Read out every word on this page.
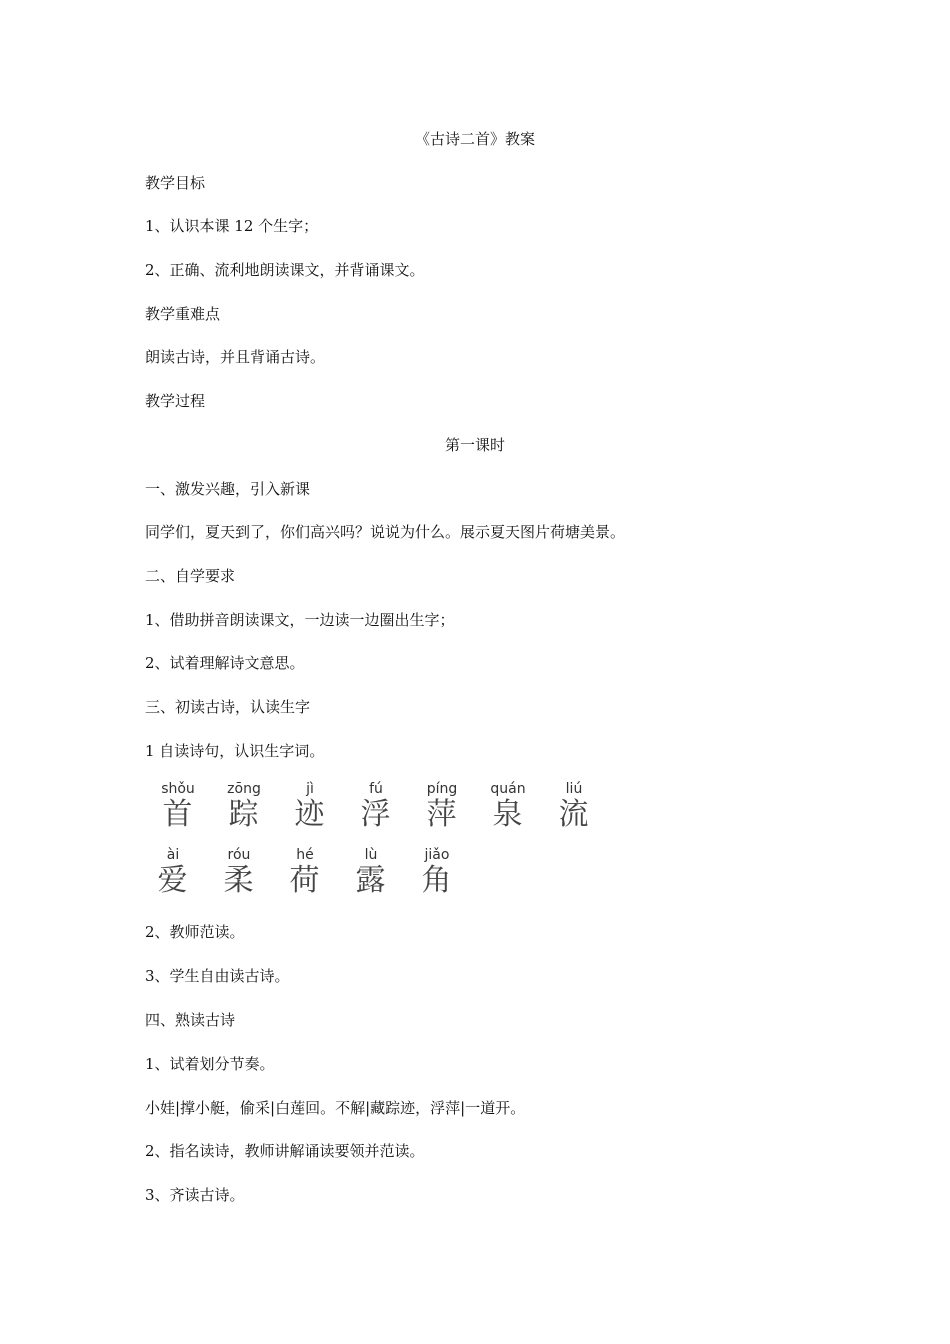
《古诗二首》教案
教学目标
1、认识本课 12 个生字；
2、正确、流利地朗读课文，并背诵课文。
教学重难点
朗读古诗，并且背诵古诗。
教学过程
第一课时
一、激发兴趣，引入新课
同学们，夏天到了，你们高兴吗？说说为什么。展示夏天图片荷塘美景。
二、自学要求
1、借助拼音朗读课文，一边读一边圈出生字；
2、试着理解诗文意思。
三、初读古诗，认读生字
1 自读诗句，认识生字词。
shǒu
首
zōng
踪
jì
迹
fú
浮
píng
萍
quán
泉
liú
流
ài
爱
róu
柔
hé
荷
lù
露
jiǎo
角
2、教师范读。
3、学生自由读古诗。
四、熟读古诗
1、试着划分节奏。
小娃|撑小艇，偷采|白莲回。不解|藏踪迹，浮萍|一道开。
2、指名读诗，教师讲解诵读要领并范读。
3、齐读古诗。
